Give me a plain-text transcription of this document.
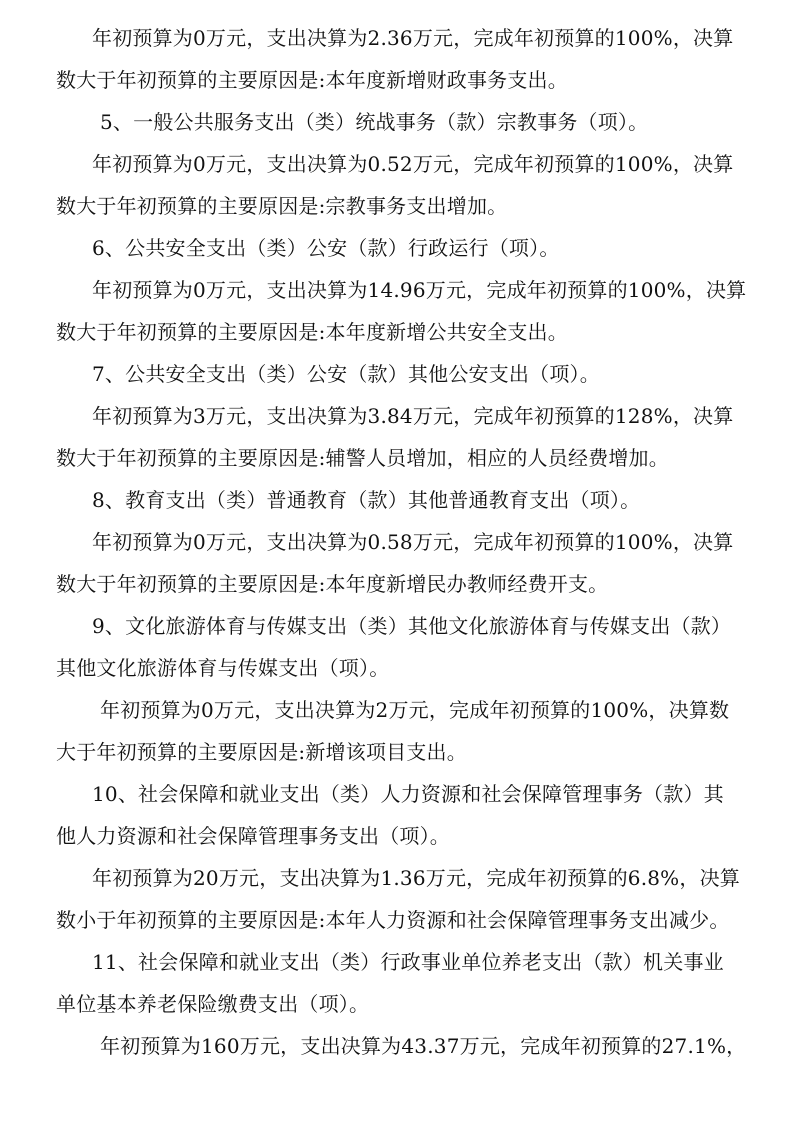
年初预算为0万元，支出决算为2.36万元，完成年初预算的100%，决算

数大于年初预算的主要原因是:本年度新增财政事务支出。

5、一般公共服务支出（类）统战事务（款）宗教事务（项）。

年初预算为0万元，支出决算为0.52万元，完成年初预算的100%，决算

数大于年初预算的主要原因是:宗教事务支出增加。

6、公共安全支出（类）公安（款）行政运行（项）。

年初预算为0万元，支出决算为14.96万元，完成年初预算的100%，决算

数大于年初预算的主要原因是:本年度新增公共安全支出。

7、公共安全支出（类）公安（款）其他公安支出（项）。

年初预算为3万元，支出决算为3.84万元，完成年初预算的128%，决算

数大于年初预算的主要原因是:辅警人员增加，相应的人员经费增加。

8、教育支出（类）普通教育（款）其他普通教育支出（项）。

年初预算为0万元，支出决算为0.58万元，完成年初预算的100%，决算

数大于年初预算的主要原因是:本年度新增民办教师经费开支。

9、文化旅游体育与传媒支出（类）其他文化旅游体育与传媒支出（款）

其他文化旅游体育与传媒支出（项）。

年初预算为0万元，支出决算为2万元，完成年初预算的100%，决算数

大于年初预算的主要原因是:新增该项目支出。

10、社会保障和就业支出（类）人力资源和社会保障管理事务（款）其

他人力资源和社会保障管理事务支出（项）。

年初预算为20万元，支出决算为1.36万元，完成年初预算的6.8%，决算

数小于年初预算的主要原因是:本年人力资源和社会保障管理事务支出减少。

11、社会保障和就业支出（类）行政事业单位养老支出（款）机关事业

单位基本养老保险缴费支出（项）。

年初预算为160万元，支出决算为43.37万元，完成年初预算的27.1%，
